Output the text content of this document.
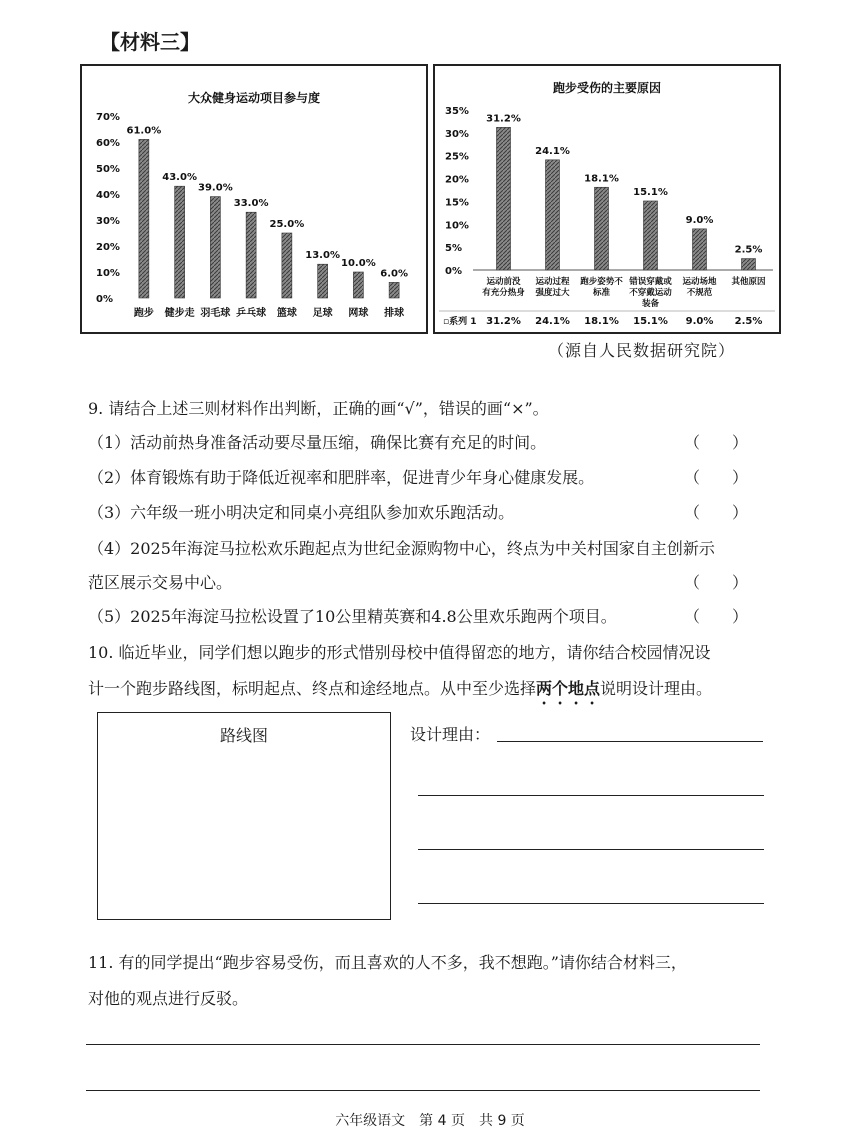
【材料三】
大众健身运动项目参与度
0%
10%
20%
30%
40%
50%
60%
70%
61.0%
跑步
43.0%
健步走
39.0%
羽毛球
33.0%
乒乓球
25.0%
篮球
13.0%
足球
10.0%
网球
6.0%
排球
跑步受伤的主要原因
0%
5%
10%
15%
20%
25%
30%
35%
31.2%
运动前没
有充分热身
24.1%
运动过程
强度过大
18.1%
跑步姿势不
标准
15.1%
错误穿戴或
不穿戴运动
装备
9.0%
运动场地
不规范
2.5%
其他原因
▫系列 1 31.2% 24.1% 18.1% 15.1% 9.0% 2.5%
（源自人民数据研究院）
9. 请结合上述三则材料作出判断，正确的画“√”，错误的画“×”。
（1）活动前热身准备活动要尽量压缩，确保比赛有充足的时间。	（　　）
（2）体育锻炼有助于降低近视率和肥胖率，促进青少年身心健康发展。	（　　）
（3）六年级一班小明决定和同桌小亮组队参加欢乐跑活动。	（　　）
（4）2025年海淀马拉松欢乐跑起点为世纪金源购物中心，终点为中关村国家自主创新示
范区展示交易中心。	（　　）
（5）2025年海淀马拉松设置了10公里精英赛和4.8公里欢乐跑两个项目。	（　　）
10. 临近毕业，同学们想以跑步的形式惜别母校中值得留恋的地方，请你结合校园情况设
计一个跑步路线图，标明起点、终点和途经地点。从中至少选择两个地点说明设计理由。
路线图	设计理由：
11. 有的同学提出“跑步容易受伤，而且喜欢的人不多，我不想跑。”请你结合材料三，
对他的观点进行反驳。
六年级语文　第 4 页　共 9 页
